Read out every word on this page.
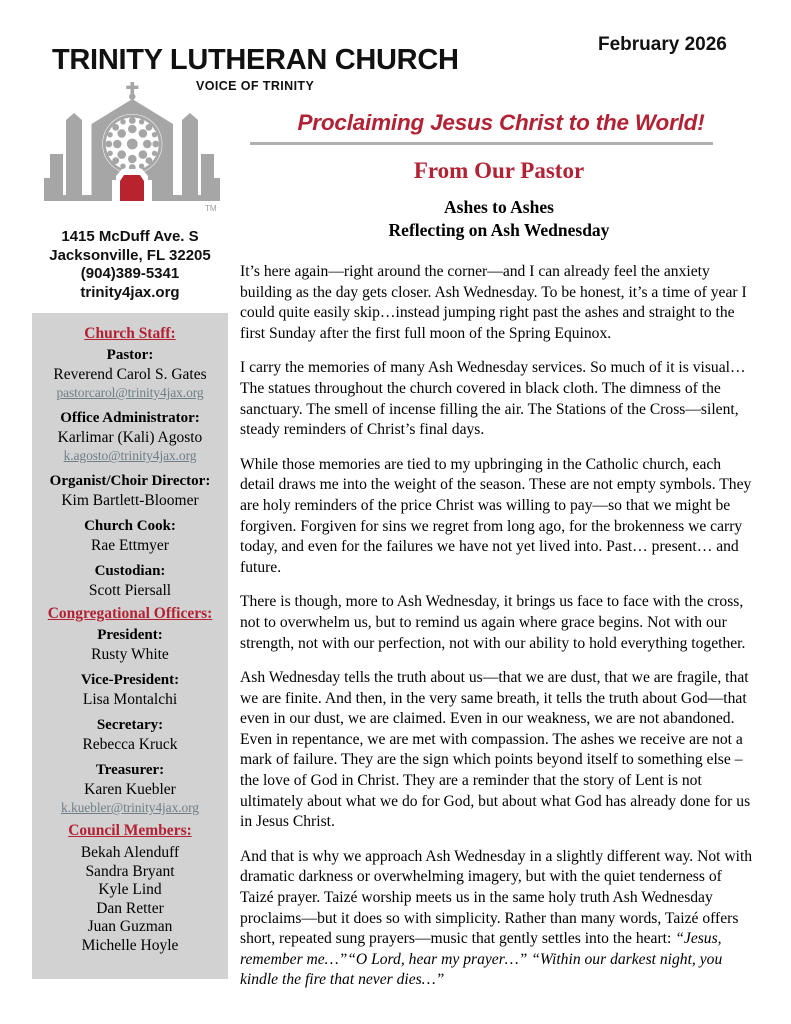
TRINITY LUTHERAN CHURCH
VOICE OF TRINITY
February 2026
TM
1415 McDuff Ave. S
Jacksonville, FL 32205
(904)389-5341
trinity4jax.org
Church Staff:
Pastor:
Reverend Carol S. Gates
pastorcarol@trinity4jax.org
Office Administrator:
Karlimar (Kali) Agosto
k.agosto@trinity4jax.org
Organist/Choir Director:
Kim Bartlett-Bloomer
Church Cook:
Rae Ettmyer
Custodian:
Scott Piersall
Congregational Officers:
President:
Rusty White
Vice-President:
Lisa Montalchi
Secretary:
Rebecca Kruck
Treasurer:
Karen Kuebler
k.kuebler@trinity4jax.org
Council Members:
Bekah Alenduff
Sandra Bryant
Kyle Lind
Dan Retter
Juan Guzman
Michelle Hoyle
Proclaiming Jesus Christ to the World!
From Our Pastor
Ashes to Ashes
Reflecting on Ash Wednesday

It’s here again—right around the corner—and I can already feel the anxiety building as the day gets closer. Ash Wednesday. To be honest, it’s a time of year I could quite easily skip…instead jumping right past the ashes and straight to the first Sunday after the first full moon of the Spring Equinox.

I carry the memories of many Ash Wednesday services. So much of it is visual…The statues throughout the church covered in black cloth. The dimness of the sanctuary. The smell of incense filling the air. The Stations of the Cross—silent, steady reminders of Christ’s final days.

While those memories are tied to my upbringing in the Catholic church, each detail draws me into the weight of the season. These are not empty symbols. They are holy reminders of the price Christ was willing to pay—so that we might be forgiven. Forgiven for sins we regret from long ago, for the brokenness we carry today, and even for the failures we have not yet lived into. Past… present… and future.

There is though, more to Ash Wednesday, it brings us face to face with the cross, not to overwhelm us, but to remind us again where grace begins. Not with our strength, not with our perfection, not with our ability to hold everything together.

Ash Wednesday tells the truth about us—that we are dust, that we are fragile, that we are finite. And then, in the very same breath, it tells the truth about God—that even in our dust, we are claimed. Even in our weakness, we are not abandoned. Even in repentance, we are met with compassion. The ashes we receive are not a mark of failure. They are the sign which points beyond itself to something else – the love of God in Christ. They are a reminder that the story of Lent is not ultimately about what we do for God, but about what God has already done for us in Jesus Christ.

And that is why we approach Ash Wednesday in a slightly different way. Not with dramatic darkness or overwhelming imagery, but with the quiet tenderness of Taizé prayer. Taizé worship meets us in the same holy truth Ash Wednesday proclaims—but it does so with simplicity. Rather than many words, Taizé offers short, repeated sung prayers—music that gently settles into the heart: “Jesus, remember me…”“O Lord, hear my prayer…” “Within our darkest night, you kindle the fire that never dies…”
